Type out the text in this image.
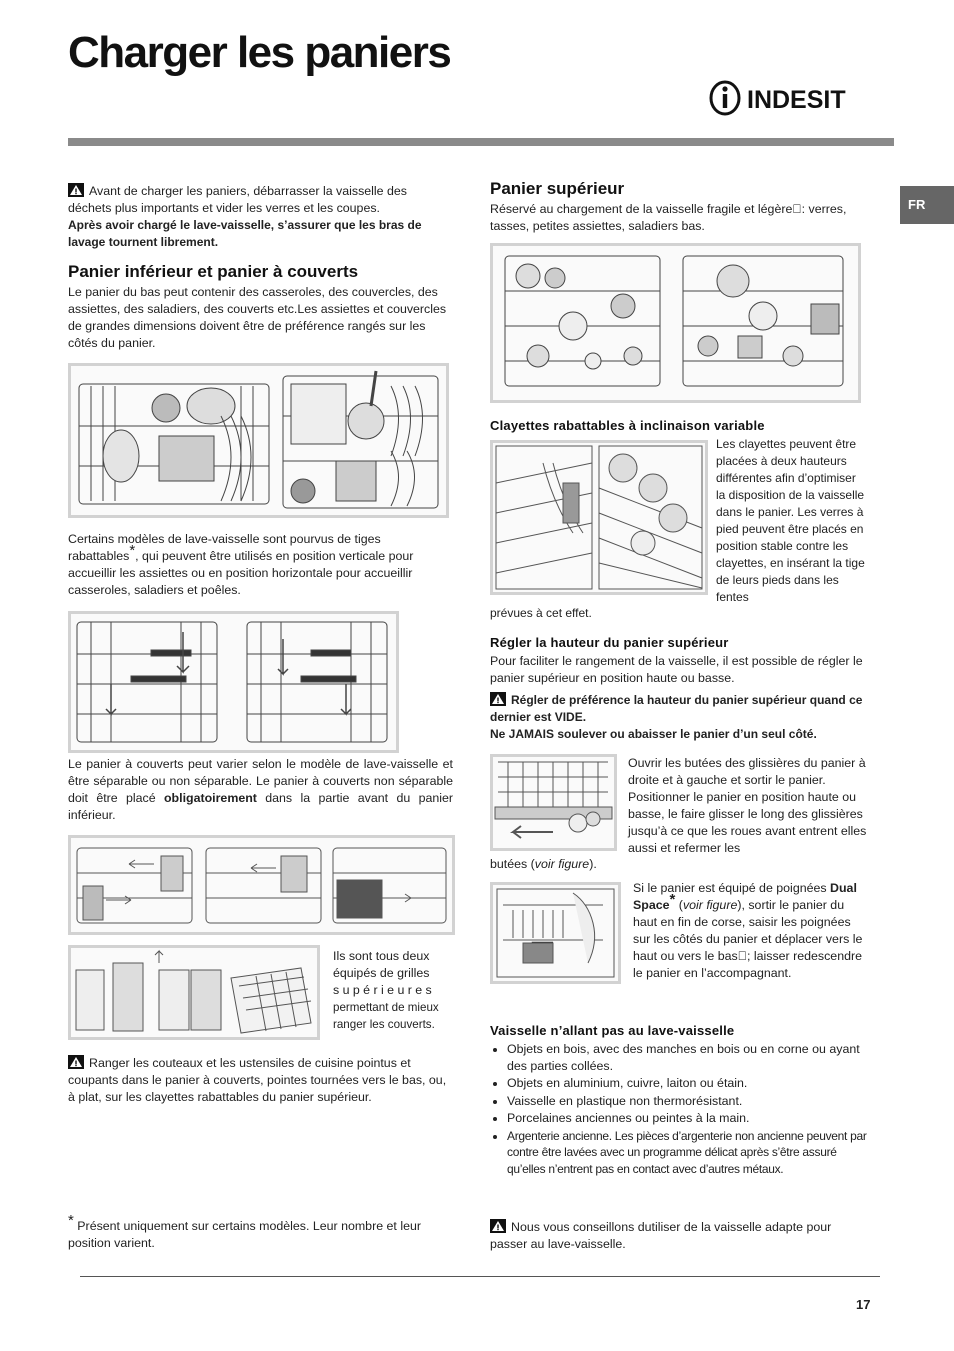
Charger les paniers
INDESIT
FR

Avant de charger les paniers, débarrasser la vaisselle des déchets plus importants et vider les verres et les coupes.

Après avoir chargé le lave-vaisselle, s’assurer que les bras de lavage tournent librement.

Panier inférieur et panier à couverts

Le panier du bas peut contenir des casseroles, des couvercles, des assiettes, des saladiers, des couverts etc.Les assiettes et couvercles de grandes dimensions doivent être de préférence rangés sur les côtés du panier.

Certains modèles de lave-vaisselle sont pourvus de tiges rabattables*, qui peuvent être utilisés en position verticale pour accueillir les assiettes ou en position horizontale pour accueillir casseroles, saladiers et poêles.

Le panier à couverts peut varier selon le modèle de lave-vaisselle et être séparable ou non séparable. Le panier à couverts non séparable doit être placé obligatoirement dans la partie avant du panier inférieur.

Ils sont tous deux

équipés de grilles

supérieures

permettant de mieux

ranger les couverts.

Ranger les couteaux et les ustensiles de cuisine pointus et coupants dans le panier à couverts, pointes tournées vers le bas, ou, à plat, sur les clayettes rabattables du panier supérieur.

* Présent uniquement sur certains modèles. Leur nombre et leur position varient.

Panier supérieur

Réservé au chargement de la vaisselle fragile et légère : verres, tasses, petites assiettes, saladiers bas.

Clayettes rabattables à inclinaison variable

Les clayettes peuvent être placées à deux hauteurs différentes afin d’optimiser la disposition de la vaisselle dans le panier. Les verres à pied peuvent être placés en position stable contre les clayettes, en insérant la tige de leurs pieds dans les fentes

prévues à cet effet.

Régler la hauteur du panier supérieur

Pour faciliter le rangement de la vaisselle, il est possible de régler le panier supérieur en position haute ou basse.

Régler de préférence la hauteur du panier supérieur quand ce dernier est VIDE.

Ne JAMAIS soulever ou abaisser le panier d’un seul côté.

Ouvrir les butées des glissières du panier à droite et à gauche et sortir le panier. Positionner le panier en position haute ou basse, le faire glisser le long des glissières jusqu’à ce que les roues avant entrent elles aussi et refermer les

butées (voir figure).

Si le panier est équipé de poignées Dual Space* (voir figure), sortir le panier du haut en fin de corse, saisir les poignées sur les côtés du panier et déplacer vers le haut ou vers le bas ; laisser redescendre le panier en l’accompagnant.

Vaisselle n’allant pas au lave-vaisselle
• Objets en bois, avec des manches en bois ou en corne ou ayant des parties collées.
• Objets en aluminium, cuivre, laiton ou étain.
• Vaisselle en plastique non thermorésistant.
• Porcelaines anciennes ou peintes à la main.
• Argenterie ancienne. Les pièces d’argenterie non ancienne peuvent par contre être lavées avec un programme délicat après s’être assuré qu’elles n’entrent pas en contact avec d’autres métaux.

Nous vous conseillons dutiliser de la vaisselle adapte pour passer au lave-vaisselle.

17
